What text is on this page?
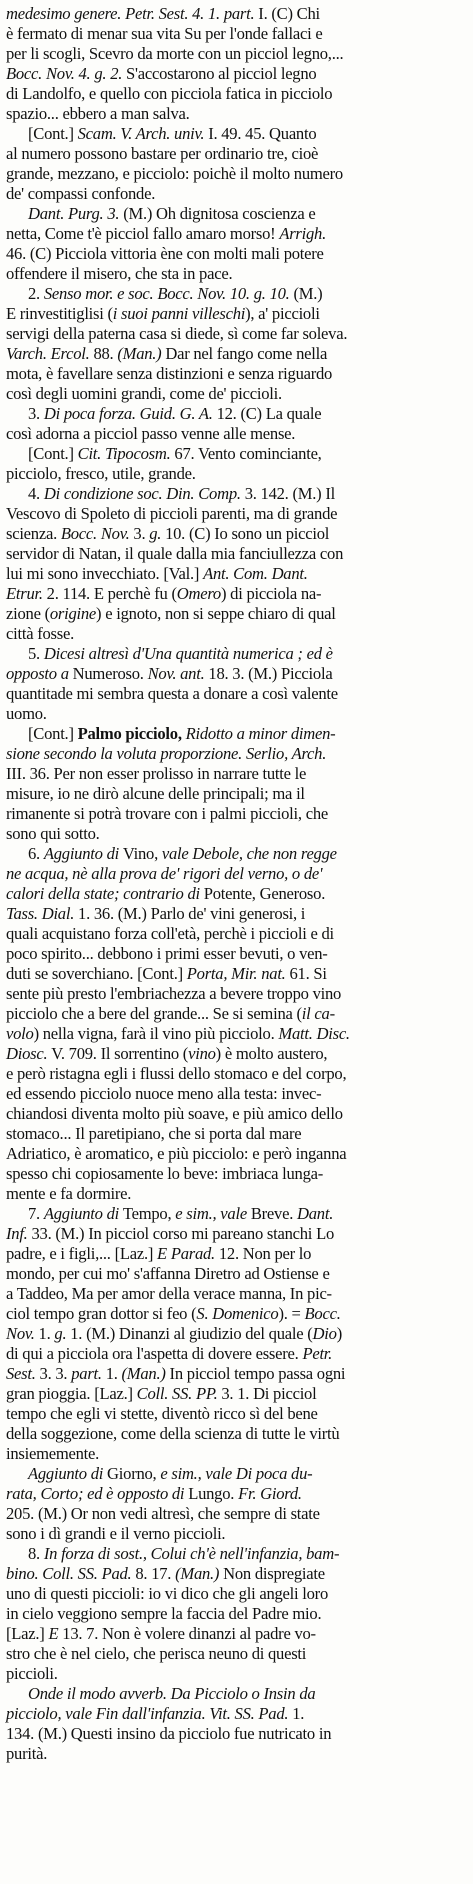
medesimo genere. Petr. Sest. 4. 1. part. I. (C) Chi
è fermato di menar sua vita Su per l'onde fallaci e
per li scogli, Scevro da morte con un picciol legno,...
Bocc. Nov. 4. g. 2. S'accostarono al picciol legno
di Landolfo, e quello con picciola fatica in picciolo
spazio... ebbero a man salva.
[Cont.] Scam. V. Arch. univ. I. 49. 45. Quanto
al numero possono bastare per ordinario tre, cioè
grande, mezzano, e picciolo: poichè il molto numero
de' compassi confonde.
Dant. Purg. 3. (M.) Oh dignitosa coscienza e
netta, Come t'è picciol fallo amaro morso! Arrigh.
46. (C) Picciola vittoria ène con molti mali potere
offendere il misero, che sta in pace.
2. Senso mor. e soc. Bocc. Nov. 10. g. 10. (M.)
E rinvestitiglisi (i suoi panni villeschi), a' piccioli
servigi della paterna casa si diede, sì come far soleva.
Varch. Ercol. 88. (Man.) Dar nel fango come nella
mota, è favellare senza distinzioni e senza riguardo
così degli uomini grandi, come de' piccioli.
3. Di poca forza. Guid. G. A. 12. (C) La quale
così adorna a picciol passo venne alle mense.
[Cont.] Cit. Tipocosm. 67. Vento cominciante,
picciolo, fresco, utile, grande.
4. Di condizione soc. Din. Comp. 3. 142. (M.) Il
Vescovo di Spoleto di piccioli parenti, ma di grande
scienza. Bocc. Nov. 3. g. 10. (C) Io sono un picciol
servidor di Natan, il quale dalla mia fanciullezza con
lui mi sono invecchiato. [Val.] Ant. Com. Dant.
Etrur. 2. 114. E perchè fu (Omero) di picciola na-
zione (origine) e ignoto, non si seppe chiaro di qual
città fosse.
5. Dicesi altresì d'Una quantità numerica ; ed è
opposto a Numeroso. Nov. ant. 18. 3. (M.) Picciola
quantitade mi sembra questa a donare a così valente
uomo.
[Cont.] Palmo picciolo, Ridotto a minor dimen-
sione secondo la voluta proporzione. Serlio, Arch.
III. 36. Per non esser prolisso in narrare tutte le
misure, io ne dirò alcune delle principali; ma il
rimanente si potrà trovare con i palmi piccioli, che
sono qui sotto.
6. Aggiunto di Vino, vale Debole, che non regge
ne acqua, nè alla prova de' rigori del verno, o de'
calori della state; contrario di Potente, Generoso.
Tass. Dial. 1. 36. (M.) Parlo de' vini generosi, i
quali acquistano forza coll'età, perchè i piccioli e di
poco spirito... debbono i primi esser bevuti, o ven-
duti se soverchiano. [Cont.] Porta, Mir. nat. 61. Si
sente più presto l'embriachezza a bevere troppo vino
picciolo che a bere del grande... Se si semina (il ca-
volo) nella vigna, farà il vino più picciolo. Matt. Disc.
Diosc. V. 709. Il sorrentino (vino) è molto austero,
e però ristagna egli i flussi dello stomaco e del corpo,
ed essendo picciolo nuoce meno alla testa: invec-
chiandosi diventa molto più soave, e più amico dello
stomaco... Il paretipiano, che si porta dal mare
Adriatico, è aromatico, e più picciolo: e però inganna
spesso chi copiosamente lo beve: imbriaca lunga-
mente e fa dormire.
7. Aggiunto di Tempo, e sim., vale Breve. Dant.
Inf. 33. (M.) In picciol corso mi pareano stanchi Lo
padre, e i figli,... [Laz.] E Parad. 12. Non per lo
mondo, per cui mo' s'affanna Diretro ad Ostiense e
a Taddeo, Ma per amor della verace manna, In pic-
ciol tempo gran dottor si feo (S. Domenico). = Bocc.
Nov. 1. g. 1. (M.) Dinanzi al giudizio del quale (Dio)
di qui a picciola ora l'aspetta di dovere essere. Petr.
Sest. 3. 3. part. 1. (Man.) In picciol tempo passa ogni
gran pioggia. [Laz.] Coll. SS. PP. 3. 1. Di picciol
tempo che egli vi stette, diventò ricco sì del bene
della soggezione, come della scienza di tutte le virtù
insiememente.
Aggiunto di Giorno, e sim., vale Di poca du-
rata, Corto; ed è opposto di Lungo. Fr. Giord.
205. (M.) Or non vedi altresì, che sempre di state
sono i dì grandi e il verno piccioli.
8. In forza di sost., Colui ch'è nell'infanzia, bam-
bino. Coll. SS. Pad. 8. 17. (Man.) Non dispregiate
uno di questi piccioli: io vi dico che gli angeli loro
in cielo veggiono sempre la faccia del Padre mio.
[Laz.] E 13. 7. Non è volere dinanzi al padre vo-
stro che è nel cielo, che perisca neuno di questi
piccioli.
Onde il modo avverb. Da Picciolo o Insin da
picciolo, vale Fin dall'infanzia. Vit. SS. Pad. 1.
134. (M.) Questi insino da picciolo fue nutricato in
purità.
